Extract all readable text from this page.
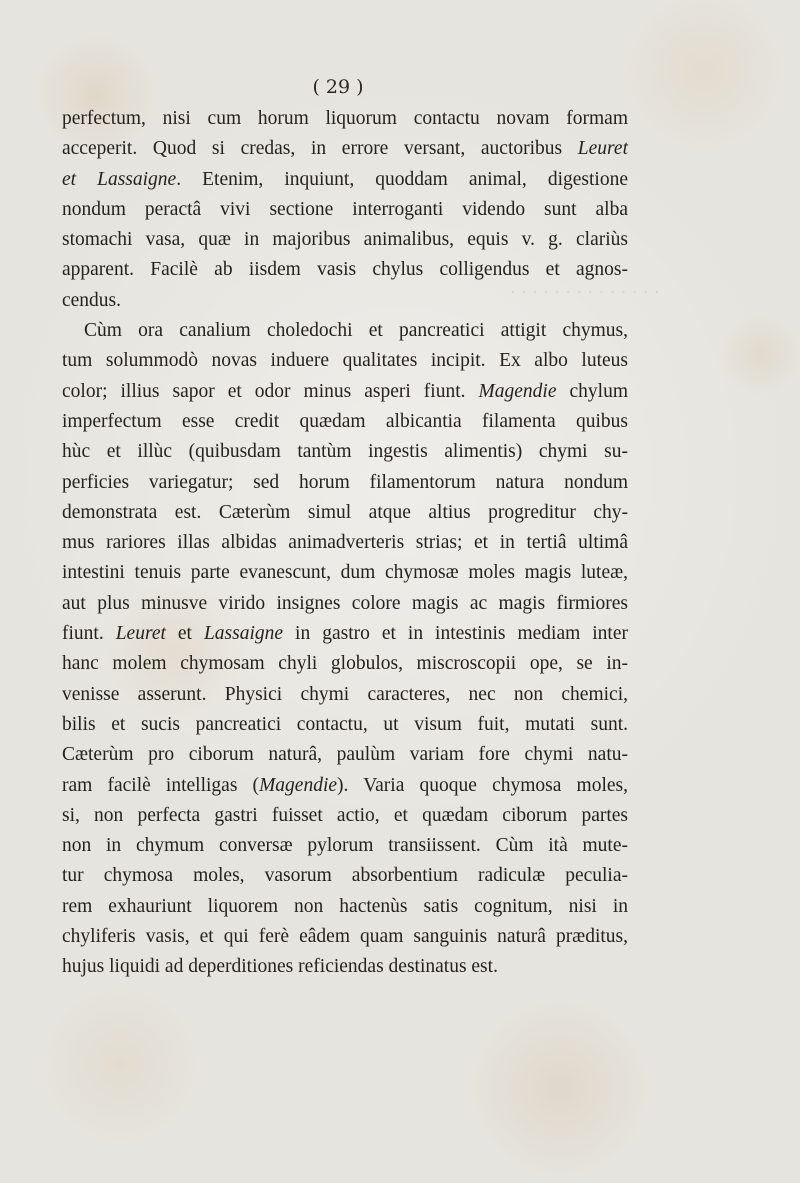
( 29 )
· · · · · · · · · · · · · ·
perfectum, nisi cum horum liquorum contactu novam formam
acceperit. Quod si credas, in errore versant, auctoribus Leuret
et Lassaigne. Etenim, inquiunt, quoddam animal, digestione
nondum peractâ vivi sectione interroganti videndo sunt alba
stomachi vasa, quæ in majoribus animalibus, equis v. g. clariùs
apparent. Facilè ab iisdem vasis chylus colligendus et agnos-
cendus.
Cùm ora canalium choledochi et pancreatici attigit chymus,
tum solummodò novas induere qualitates incipit. Ex albo luteus
color; illius sapor et odor minus asperi fiunt. Magendie chylum
imperfectum esse credit quædam albicantia filamenta quibus
hùc et illùc (quibusdam tantùm ingestis alimentis) chymi su-
perficies variegatur; sed horum filamentorum natura nondum
demonstrata est. Cæterùm simul atque altius progreditur chy-
mus rariores illas albidas animadverteris strias; et in tertiâ ultimâ
intestini tenuis parte evanescunt, dum chymosæ moles magis luteæ,
aut plus minusve virido insignes colore magis ac magis firmiores
fiunt. Leuret et Lassaigne in gastro et in intestinis mediam inter
hanc molem chymosam chyli globulos, miscroscopii ope, se in-
venisse asserunt. Physici chymi caracteres, nec non chemici,
bilis et sucis pancreatici contactu, ut visum fuit, mutati sunt.
Cæterùm pro ciborum naturâ, paulùm variam fore chymi natu-
ram facilè intelligas (Magendie). Varia quoque chymosa moles,
si, non perfecta gastri fuisset actio, et quædam ciborum partes
non in chymum conversæ pylorum transiissent. Cùm ità mute-
tur chymosa moles, vasorum absorbentium radiculæ peculia-
rem exhauriunt liquorem non hactenùs satis cognitum, nisi in
chyliferis vasis, et qui ferè eâdem quam sanguinis naturâ præditus,
hujus liquidi ad deperditiones reficiendas destinatus est.
